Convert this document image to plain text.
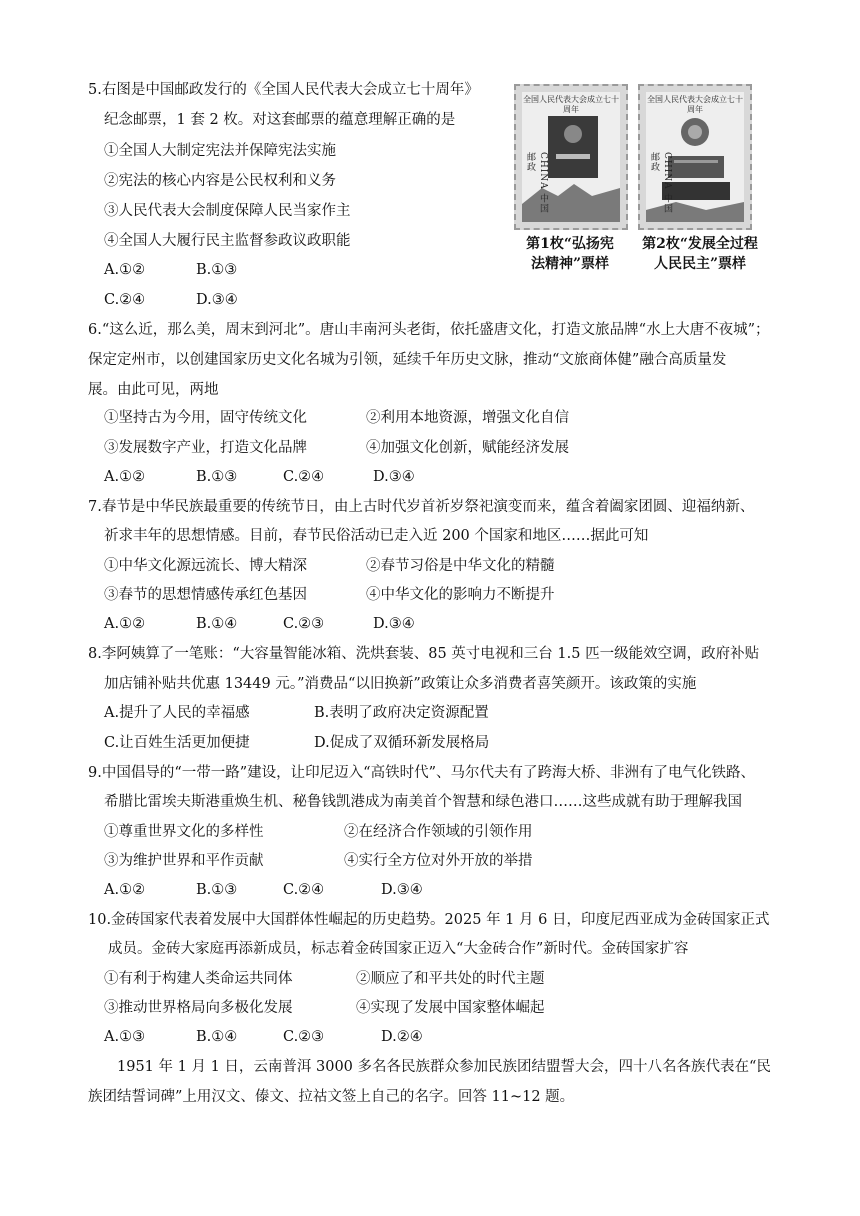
5.右图是中国邮政发行的《全国人民代表大会成立七十周年》
纪念邮票，1 套 2 枚。对这套邮票的蕴意理解正确的是
①全国人大制定宪法并保障宪法实施
②宪法的核心内容是公民权利和义务
③人民代表大会制度保障人民当家作主
④全国人大履行民主监督参政议政职能
A.①②	B.①③
C.②④	D.③④
全国人民代表大会成立七十周年
CHINA 中国邮政
全国人民代表大会成立七十周年
CHINA 中国邮政
第1枚“弘扬宪
法精神”票样
第2枚“发展全过程
人民民主”票样
6.“这么近，那么美，周末到河北”。唐山丰南河头老街，依托盛唐文化，打造文旅品牌“水上大唐不夜城”；
保定定州市，以创建国家历史文化名城为引领，延续千年历史文脉，推动“文旅商体健”融合高质量发
展。由此可见，两地
①坚持古为今用，固守传统文化	②利用本地资源，增强文化自信
③发展数字产业，打造文化品牌	④加强文化创新，赋能经济发展
A.①②	B.①③	C.②④	D.③④
7.春节是中华民族最重要的传统节日，由上古时代岁首祈岁祭祀演变而来，蕴含着阖家团圆、迎福纳新、
祈求丰年的思想情感。目前，春节民俗活动已走入近 200 个国家和地区……据此可知
①中华文化源远流长、博大精深	②春节习俗是中华文化的精髓
③春节的思想情感传承红色基因	④中华文化的影响力不断提升
A.①②	B.①④	C.②③	D.③④
8.李阿姨算了一笔账：“大容量智能冰箱、洗烘套装、85 英寸电视和三台 1.5 匹一级能效空调，政府补贴
加店铺补贴共优惠 13449 元。”消费品“以旧换新”政策让众多消费者喜笑颜开。该政策的实施
A.提升了人民的幸福感	B.表明了政府决定资源配置
C.让百姓生活更加便捷	D.促成了双循环新发展格局
9.中国倡导的“一带一路”建设，让印尼迈入“高铁时代”、马尔代夫有了跨海大桥、非洲有了电气化铁路、
希腊比雷埃夫斯港重焕生机、秘鲁钱凯港成为南美首个智慧和绿色港口……这些成就有助于理解我国
①尊重世界文化的多样性	②在经济合作领域的引领作用
③为维护世界和平作贡献	④实行全方位对外开放的举措
A.①②	B.①③	C.②④	D.③④
10.金砖国家代表着发展中大国群体性崛起的历史趋势。2025 年 1 月 6 日，印度尼西亚成为金砖国家正式
成员。金砖大家庭再添新成员，标志着金砖国家正迈入“大金砖合作”新时代。金砖国家扩容
①有利于构建人类命运共同体	②顺应了和平共处的时代主题
③推动世界格局向多极化发展	④实现了发展中国家整体崛起
A.①③	B.①④	C.②③	D.②④
1951 年 1 月 1 日，云南普洱 3000 多名各民族群众参加民族团结盟誓大会，四十八名各族代表在“民
族团结誓词碑”上用汉文、傣文、拉祜文签上自己的名字。回答 11~12 题。
